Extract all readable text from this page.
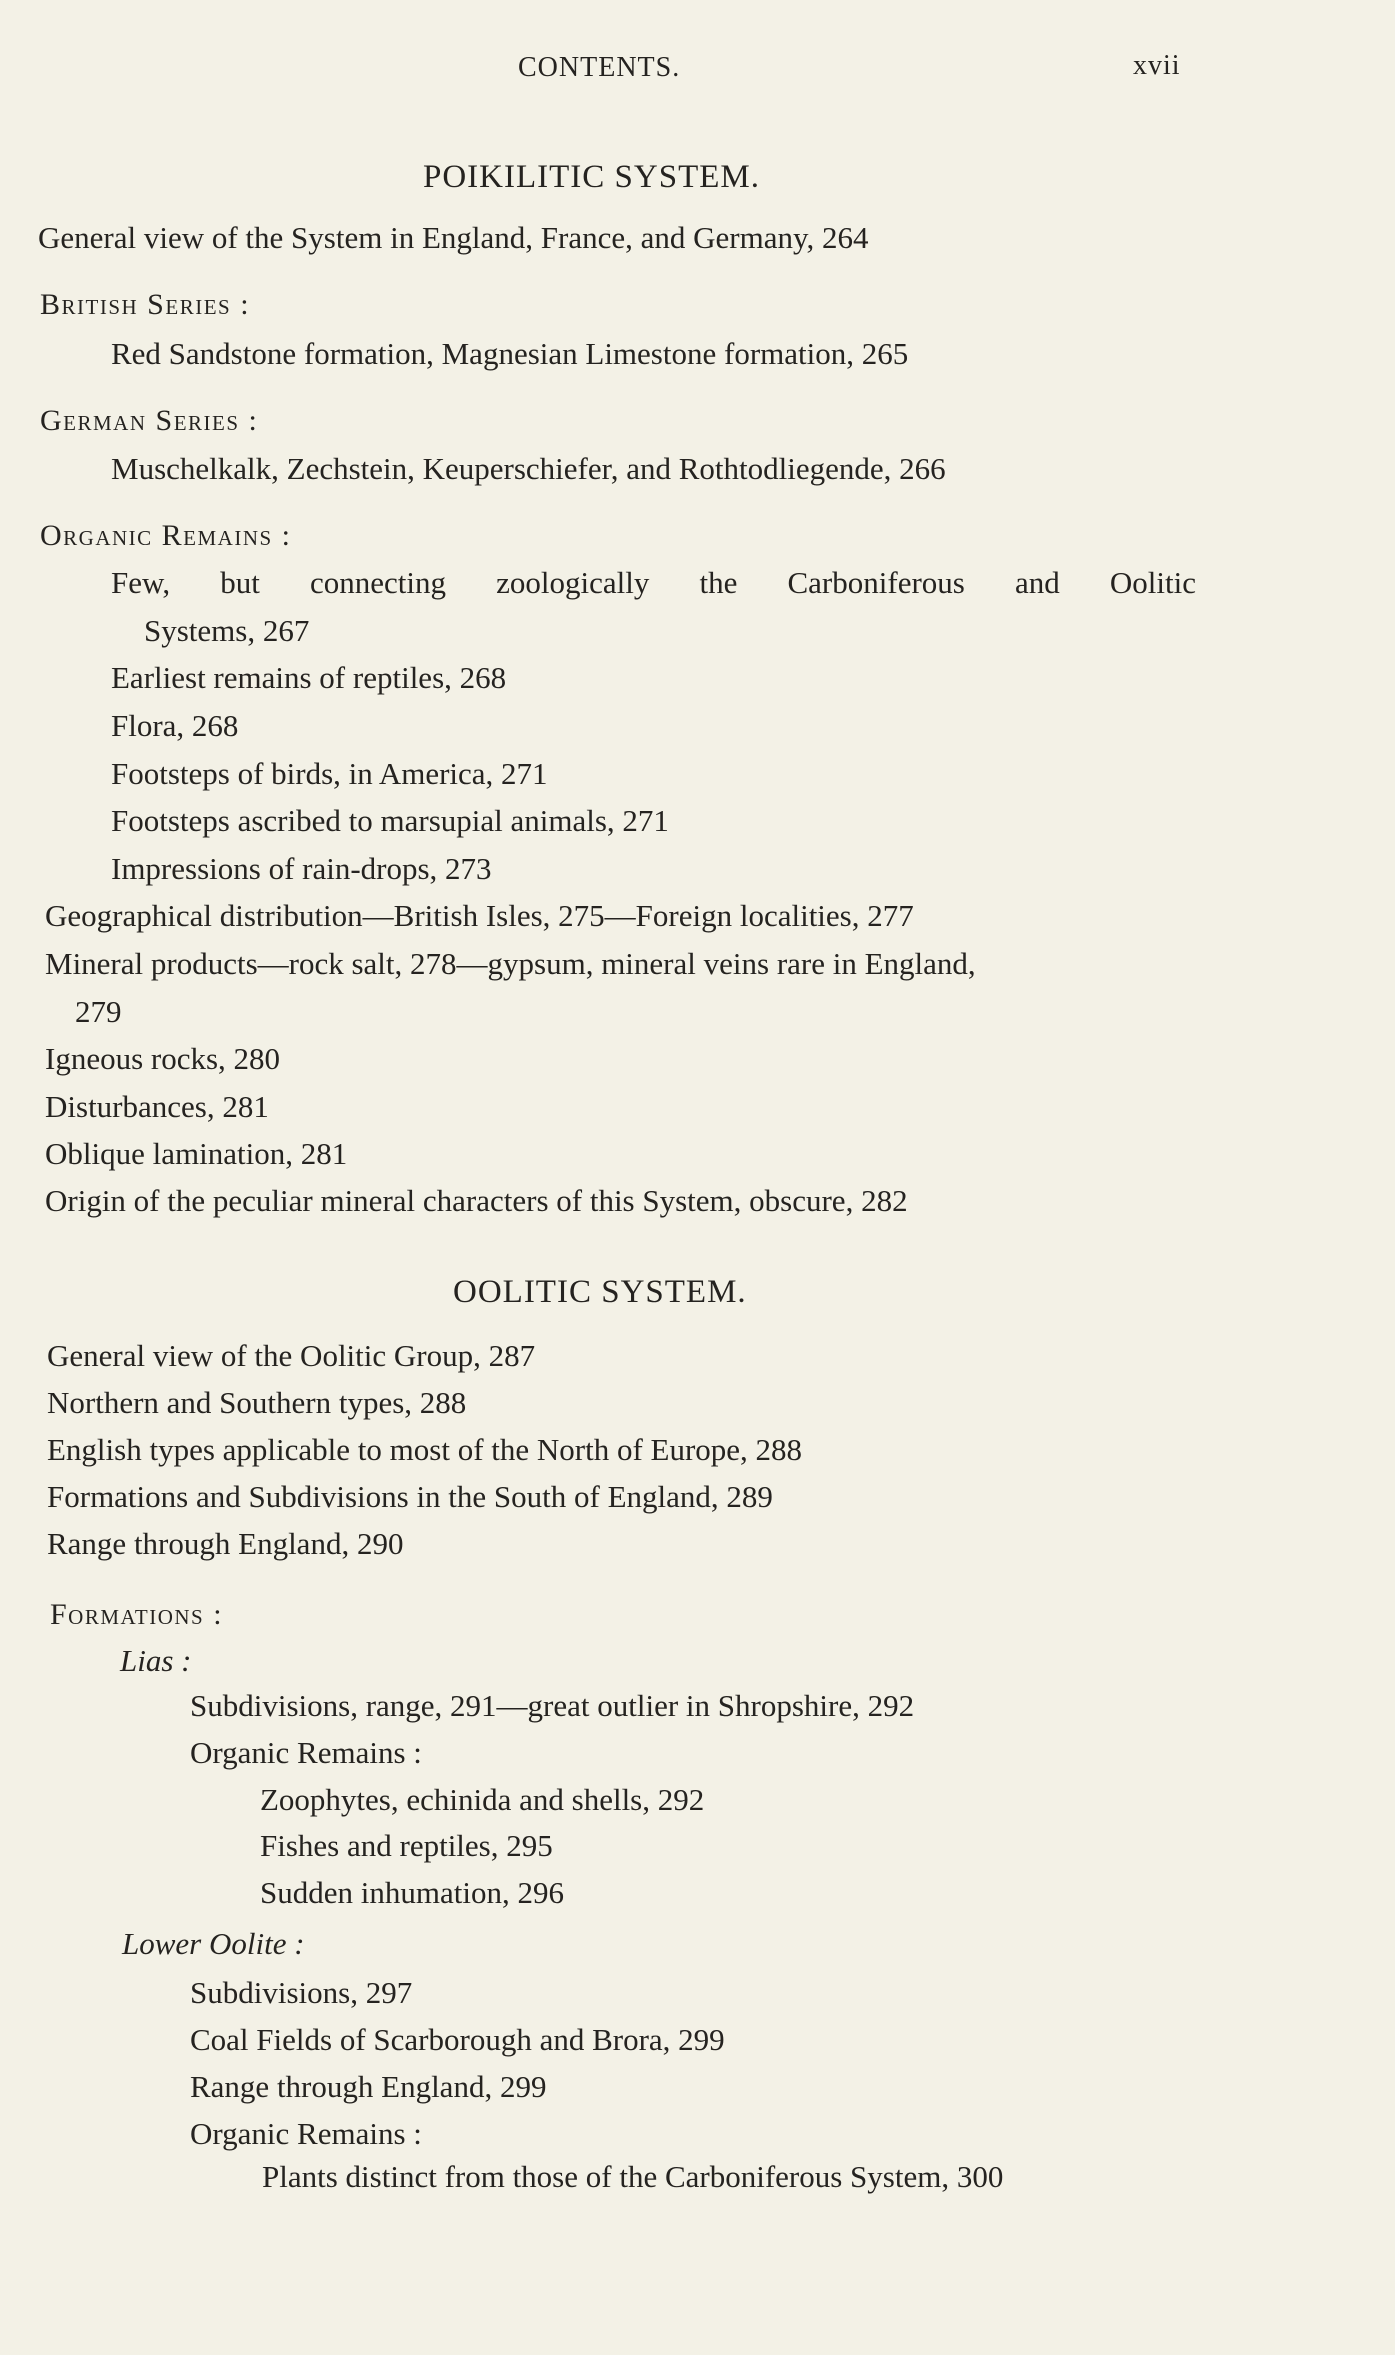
CONTENTS.	xvii
POIKILITIC SYSTEM.
General view of the System in England, France, and Germany, 264
British Series :
Red Sandstone formation, Magnesian Limestone formation, 265
German Series :
Muschelkalk, Zechstein, Keuperschiefer, and Rothtodliegende, 266
Organic Remains :
Few, but connecting zoologically the Carboniferous and Oolitic
Systems, 267
Earliest remains of reptiles, 268
Flora, 268
Footsteps of birds, in America, 271
Footsteps ascribed to marsupial animals, 271
Impressions of rain-drops, 273
Geographical distribution—British Isles, 275—Foreign localities, 277
Mineral products—rock salt, 278—gypsum, mineral veins rare in England,
279
Igneous rocks, 280
Disturbances, 281
Oblique lamination, 281
Origin of the peculiar mineral characters of this System, obscure, 282
OOLITIC SYSTEM.
General view of the Oolitic Group, 287
Northern and Southern types, 288
English types applicable to most of the North of Europe, 288
Formations and Subdivisions in the South of England, 289
Range through England, 290
Formations :
Lias :
Subdivisions, range, 291—great outlier in Shropshire, 292
Organic Remains :
Zoophytes, echinida and shells, 292
Fishes and reptiles, 295
Sudden inhumation, 296
Lower Oolite :
Subdivisions, 297
Coal Fields of Scarborough and Brora, 299
Range through England, 299
Organic Remains :
Plants distinct from those of the Carboniferous System, 300
